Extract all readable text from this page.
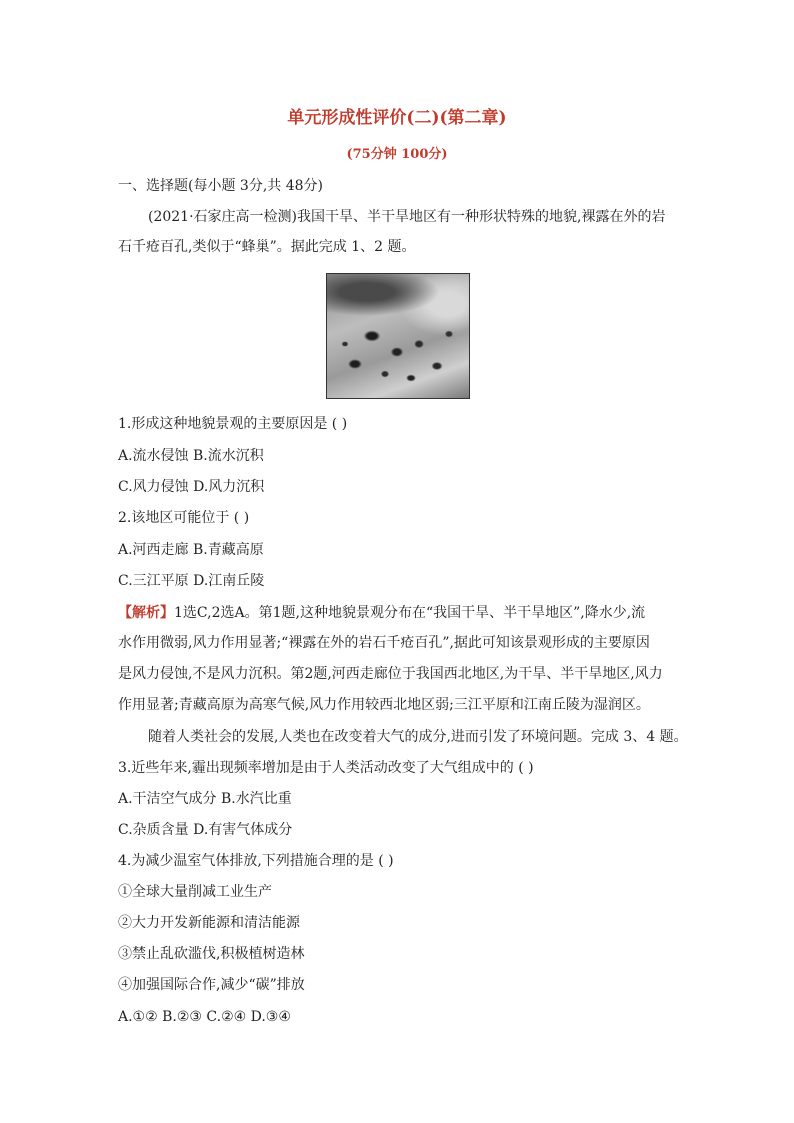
单元形成性评价(二)(第二章)
(75分钟 100分)
一、选择题(每小题 3分,共 48分)
(2021·石家庄高一检测)我国干旱、半干旱地区有一种形状特殊的地貌,裸露在外的岩
石千疮百孔,类似于“蜂巢”。据此完成 1、2 题。
1.形成这种地貌景观的主要原因是 ( )
A.流水侵蚀 B.流水沉积
C.风力侵蚀 D.风力沉积
2.该地区可能位于 ( )
A.河西走廊 B.青藏高原
C.三江平原 D.江南丘陵
【解析】1选C,2选A。第1题,这种地貌景观分布在“我国干旱、半干旱地区”,降水少,流
水作用微弱,风力作用显著;“裸露在外的岩石千疮百孔”,据此可知该景观形成的主要原因
是风力侵蚀,不是风力沉积。第2题,河西走廊位于我国西北地区,为干旱、半干旱地区,风力
作用显著;青藏高原为高寒气候,风力作用较西北地区弱;三江平原和江南丘陵为湿润区。
随着人类社会的发展,人类也在改变着大气的成分,进而引发了环境问题。完成 3、4 题。
3.近些年来,霾出现频率增加是由于人类活动改变了大气组成中的 ( )
A.干洁空气成分 B.水汽比重
C.杂质含量 D.有害气体成分
4.为减少温室气体排放,下列措施合理的是 ( )
①全球大量削减工业生产
②大力开发新能源和清洁能源
③禁止乱砍滥伐,积极植树造林
④加强国际合作,减少“碳”排放
A.①② B.②③ C.②④ D.③④
